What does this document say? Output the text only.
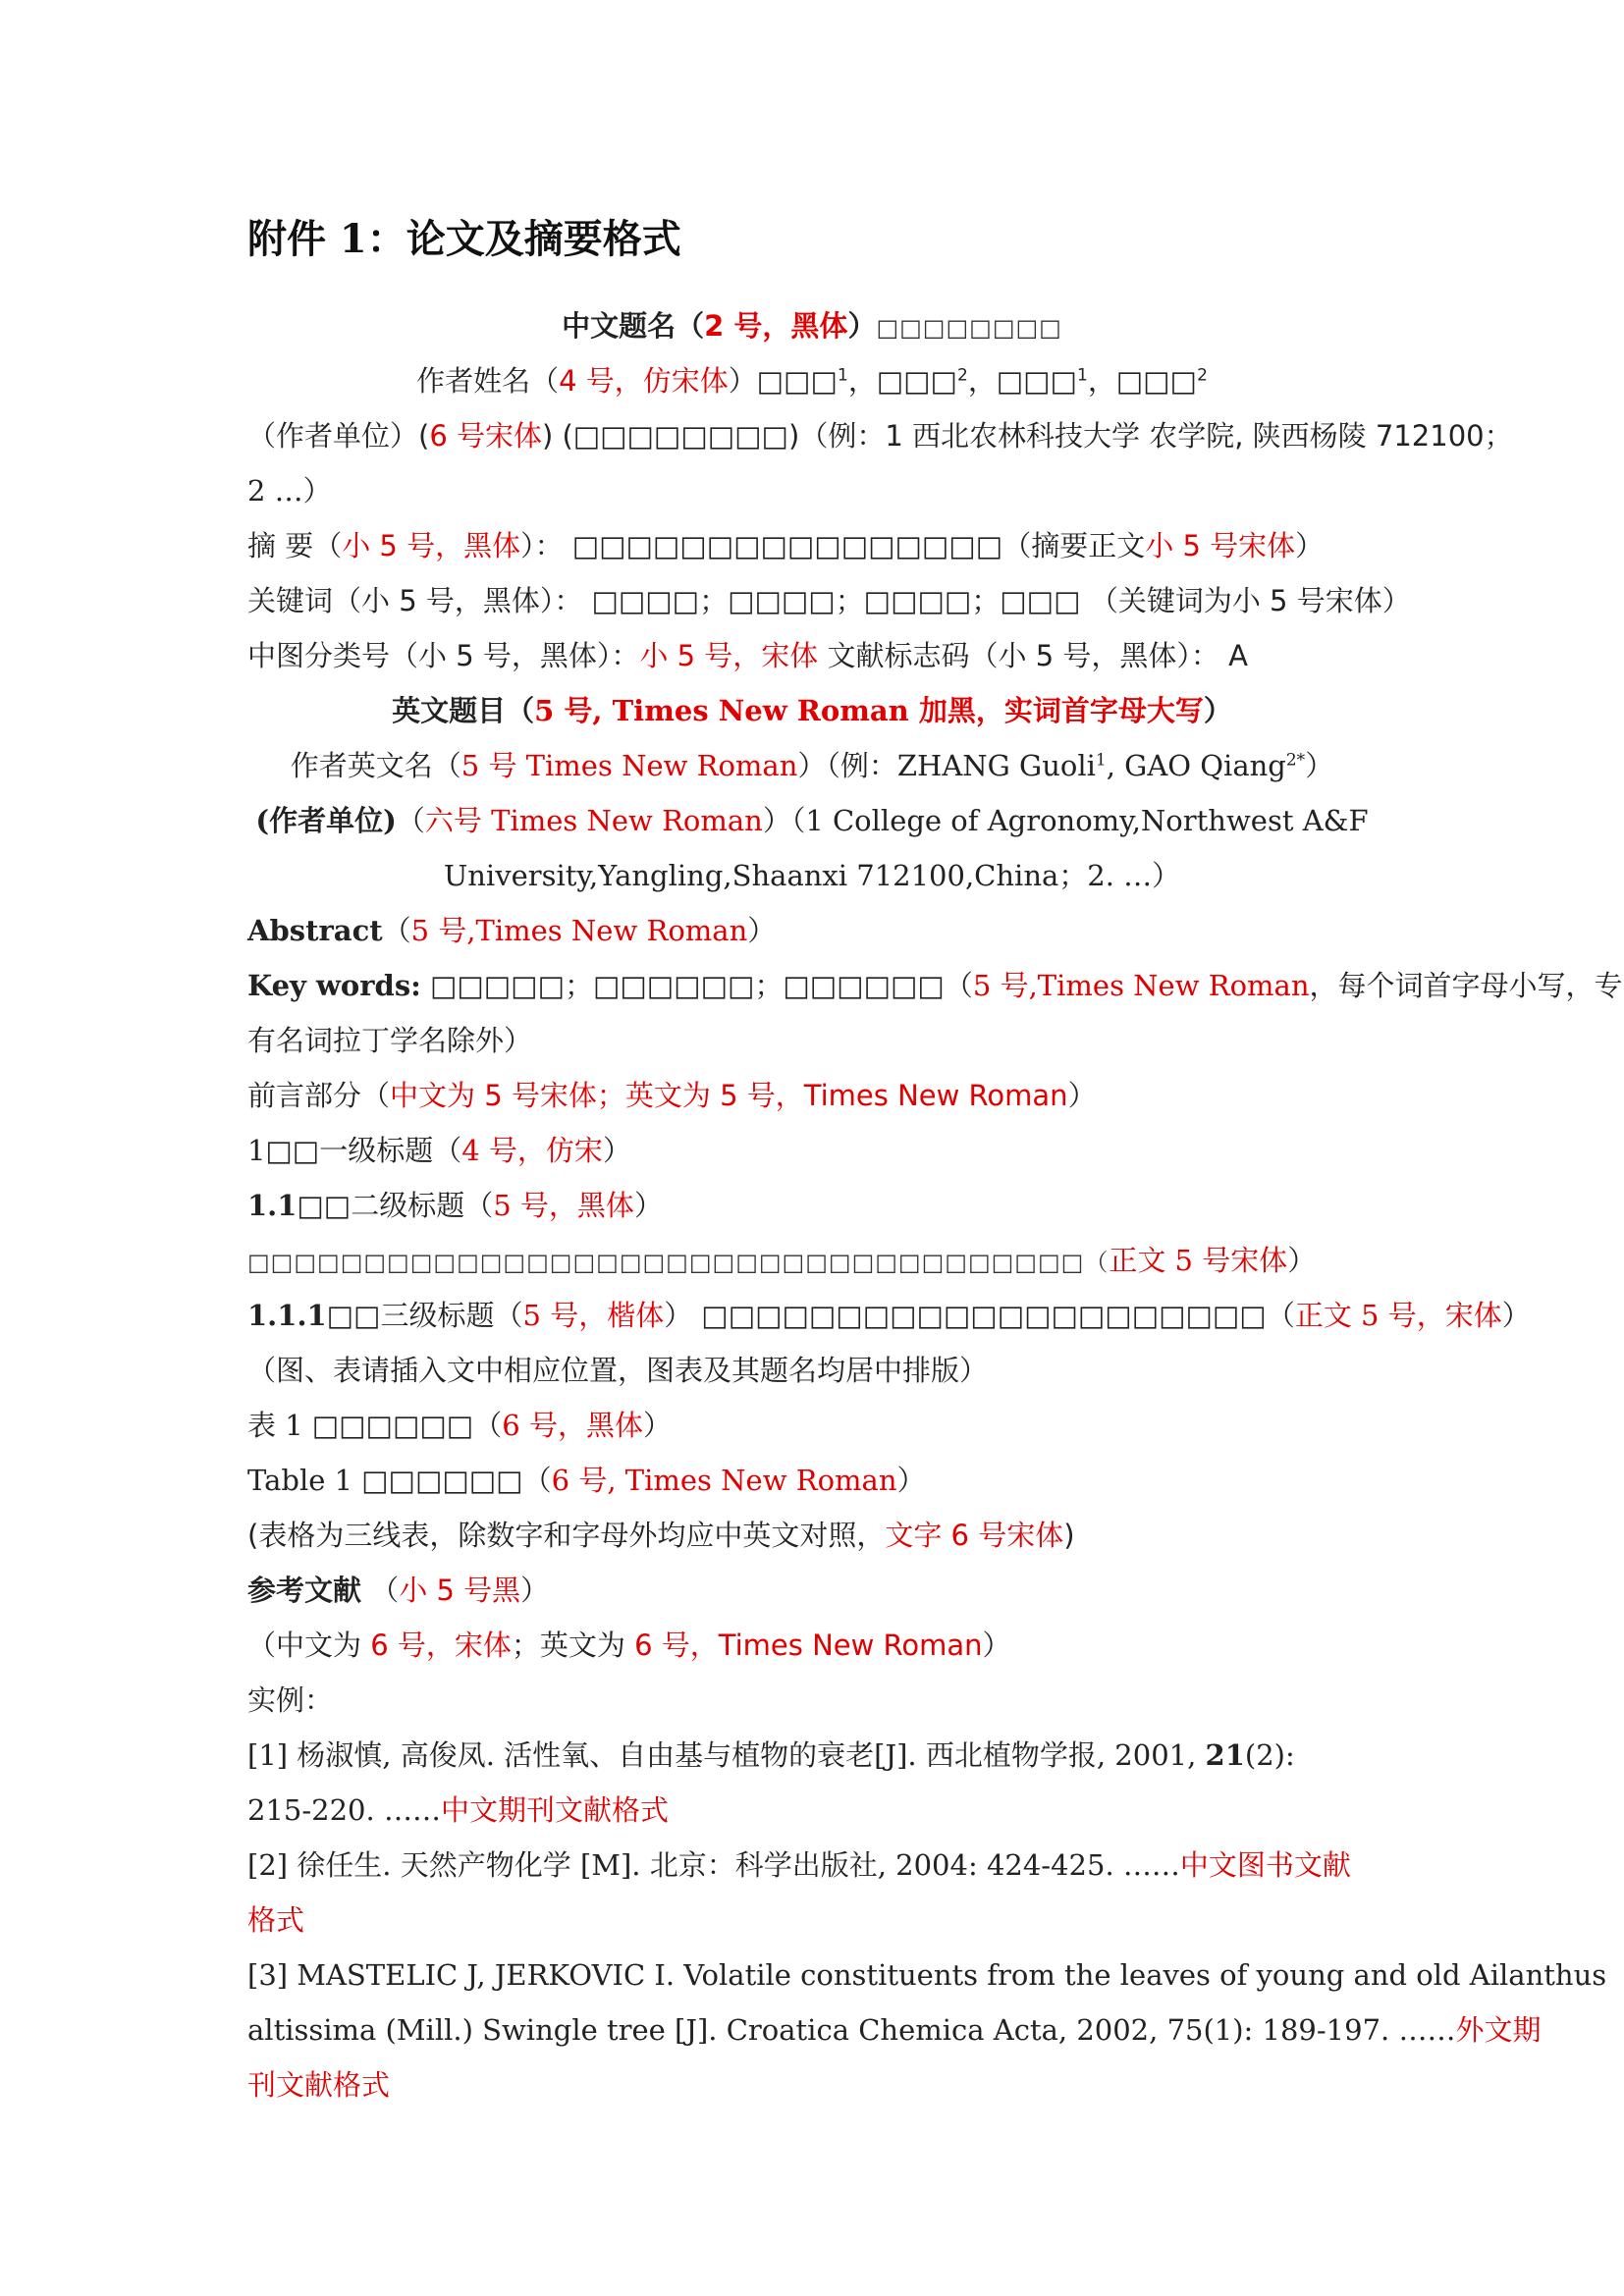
附件 1：论文及摘要格式
中文题名（2 号，黑体）□□□□□□□□
作者姓名（4 号，仿宋体）□□□$^1$，□□□$^2$，□□□$^1$，□□□$^2$
（作者单位）(6 号宋体) (□□□□□□□□)（例：1 西北农林科技大学 农学院, 陕西杨陵 712100；
2 …）
摘 要（小 5 号，黑体）： □□□□□□□□□□□□□□□□（摘要正文小 5 号宋体）
关键词（小 5 号，黑体）： □□□□；□□□□；□□□□；□□□ （关键词为小 5 号宋体）
中图分类号（小 5 号，黑体）：小 5 号，宋体 文献标志码（小 5 号，黑体）： A
英文题目（5 号, Times New Roman 加黑，实词首字母大写）
作者英文名（5 号 Times New Roman）（例：ZHANG Guoli$^1$, GAO Qiang$^{2*}$）
(作者单位)（六号 Times New Roman）（1 College of Agronomy,Northwest A&F
University,Yangling,Shaanxi 712100,China；2. …）
Abstract（5 号,Times New Roman）
Key words: □□□□□；□□□□□□；□□□□□□（5 号,Times New Roman，每个词首字母小写，专
有名词拉丁学名除外）
前言部分（中文为 5 号宋体；英文为 5 号，Times New Roman）
1□□一级标题（4 号，仿宋）
1.1□□二级标题（5 号，黑体）
□□□□□□□□□□□□□□□□□□□□□□□□□□□□□□□□□□□□（正文 5 号宋体）
1.1.1□□三级标题（5 号，楷体） □□□□□□□□□□□□□□□□□□□□□（正文 5 号，宋体）
（图、表请插入文中相应位置，图表及其题名均居中排版）
表 1 □□□□□□（6 号，黑体）
Table 1 □□□□□□（6 号, Times New Roman）
(表格为三线表，除数字和字母外均应中英文对照，文字 6 号宋体)
参考文献 （小 5 号黑）
（中文为 6 号，宋体；英文为 6 号，Times New Roman）
实例：
[1] 杨淑慎, 高俊凤. 活性氧、自由基与植物的衰老[J]. 西北植物学报, 2001, 21(2):
215-220. ……中文期刊文献格式
[2] 徐任生. 天然产物化学 [M]. 北京：科学出版社, 2004: 424-425. ……中文图书文献
格式
[3] MASTELIC J, JERKOVIC I. Volatile constituents from the leaves of young and old Ailanthus
altissima (Mill.) Swingle tree [J]. Croatica Chemica Acta, 2002, 75(1): 189-197. ……外文期
刊文献格式
